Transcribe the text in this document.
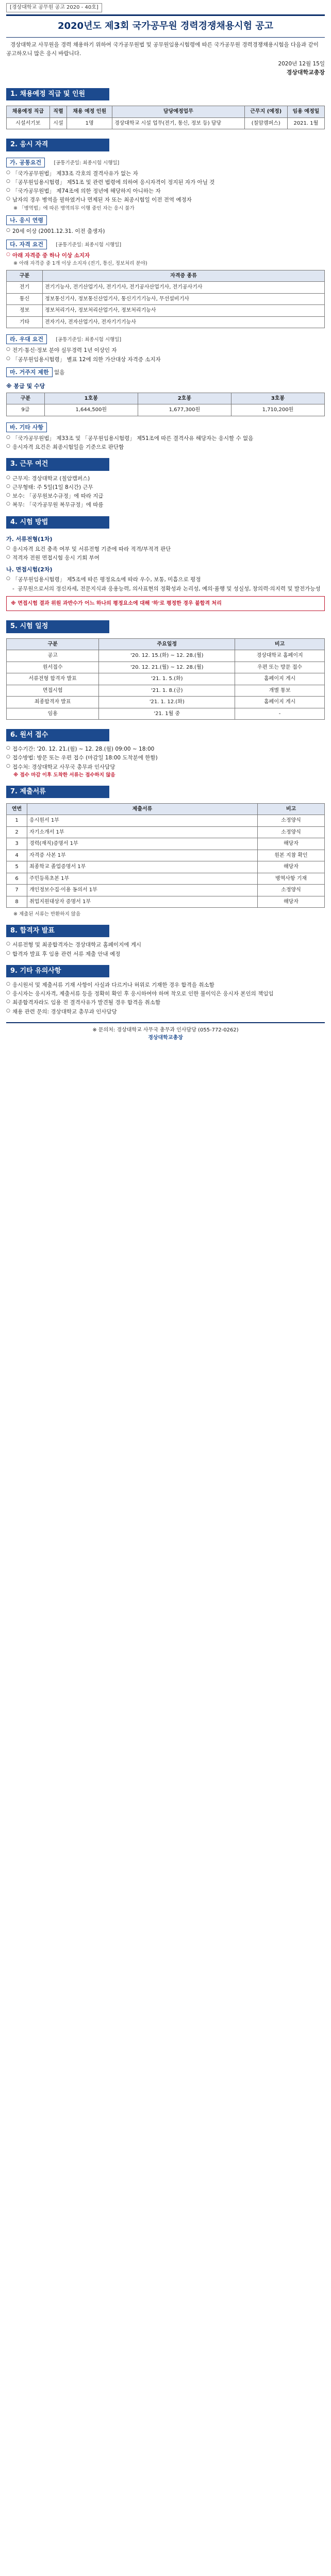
[경상대학교 공무원 공고 2020 - 40호]
2020년도 제3회 국가공무원 경력경쟁채용시험 공고
경상대학교 사무원을 경력 채용하기 위하여 국가공무원법 및 공무원임용시험령에 따른 국가공무원 경력경쟁채용시험을 다음과 같이 공고하오니 많은 응시 바랍니다.
2020년 12월 15일
경상대학교총장
1. 채용예정 직급 및 인원
채용예정 직급	직렬	채용 예정 인원	담당예정업무	근무지 (예정)	임용 예정일
시설서기보	시설	1명	경상대학교 시설 업무(전기, 통신, 정보 등) 담당	(칠암캠퍼스)	2021. 1월
2. 응시 자격
가. 공통요건	[공통기준일: 최종시험 시행일]
○ 「국가공무원법」 제33조 각호의 결격사유가 없는 자
○ 「공무원임용시험령」 제51조 및 관련 법령에 의하여 응시자격이 정지된 자가 아닐 것
○ 「국가공무원법」 제74조에 의한 정년에 해당하지 아니하는 자
○ 남자의 경우 병역을 필하였거나 면제된 자 또는 최종시험일 이전 전역 예정자
※ 「병역법」에 따른 병역의무 이행 중인 자는 응시 불가
나. 응시 연령
○ 20세 이상 (2001.12.31. 이전 출생자)
다. 자격 요건	[공통기준일: 최종시험 시행일]
○ 아래 자격증 중 하나 이상 소지자
※ 아래 자격증 중 1개 이상 소지자 (전기, 통신, 정보처리 분야)
구분	자격증 종류
전기	전기기능사, 전기산업기사, 전기기사, 전기공사산업기사, 전기공사기사
통신	정보통신기사, 정보통신산업기사, 통신기기기능사, 무선설비기사
정보	정보처리기사, 정보처리산업기사, 정보처리기능사
기타	전자기사, 전자산업기사, 전자기기기능사
라. 우대 요건	[공통기준일: 최종시험 시행일]
○ 전기·통신·정보 분야 실무경력 1년 이상인 자
○ 「공무원임용시험령」 별표 12에 의한 가산대상 자격증 소지자
마. 거주지 제한 없음
※ 봉급 및 수당
구분	1호봉	2호봉	3호봉
9급	1,644,500원	1,677,300원	1,710,200원
바. 기타 사항
○ 「국가공무원법」 제33조 및 「공무원임용시험령」 제51조에 따른 결격사유 해당자는 응시할 수 없음
○ 응시자격 요건은 최종시험일을 기준으로 판단함
3. 근무 여건
○ 근무지: 경상대학교 (칠암캠퍼스)
○ 근무형태: 주 5일(1일 8시간) 근무
○ 보수: 「공무원보수규정」에 따라 지급
○ 복무: 「국가공무원 복무규정」에 따름
4. 시험 방법
가. 서류전형(1차)
○ 응시자격 요건 충족 여부 및 서류전형 기준에 따라 적격/부적격 판단
○ 적격자 전원 면접시험 응시 기회 부여
나. 면접시험(2차)
○ 「공무원임용시험령」 제5조에 따른 평정요소에 따라 우수, 보통, 미흡으로 평정
- 공무원으로서의 정신자세, 전문지식과 응용능력, 의사표현의 정확성과 논리성, 예의·품행 및 성실성, 창의력·의지력 및 발전가능성
※ 면접시험 결과 위원 과반수가 어느 하나의 평정요소에 대해 '하'로 평정한 경우 불합격 처리
5. 시험 일정
구분	주요일정	비고
공고	'20. 12. 15.(화) ~ 12. 28.(월)	경상대학교 홈페이지
원서접수	'20. 12. 21.(월) ~ 12. 28.(월)	우편 또는 방문 접수
서류전형 합격자 발표	'21. 1. 5.(화)	홈페이지 게시
면접시험	'21. 1. 8.(금)	개별 통보
최종합격자 발표	'21. 1. 12.(화)	홈페이지 게시
임용	'21. 1월 중	-
6. 원서 접수
○ 접수기간: '20. 12. 21.(월) ~ 12. 28.(월) 09:00 ~ 18:00
○ 접수방법: 방문 또는 우편 접수 (마감일 18:00 도착분에 한함)
○ 접수처: 경상대학교 사무국 총무과 인사담당
※ 접수 마감 이후 도착한 서류는 접수하지 않음
7. 제출서류
연번	제출서류	비고
1	응시원서 1부	소정양식
2	자기소개서 1부	소정양식
3	경력(재직)증명서 1부	해당자
4	자격증 사본 1부	원본 지참 확인
5	최종학교 졸업증명서 1부	해당자
6	주민등록초본 1부	병역사항 기재
7	개인정보수집·이용 동의서 1부	소정양식
8	취업지원대상자 증명서 1부	해당자
※ 제출된 서류는 반환하지 않음
8. 합격자 발표
○ 서류전형 및 최종합격자는 경상대학교 홈페이지에 게시
○ 합격자 발표 후 임용 관련 서류 제출 안내 예정
9. 기타 유의사항
○ 응시원서 및 제출서류 기재 사항이 사실과 다르거나 허위로 기재한 경우 합격을 취소함
○ 응시자는 응시자격, 제출서류 등을 정확히 확인 후 응시하여야 하며 착오로 인한 불이익은 응시자 본인의 책임임
○ 최종합격자라도 임용 전 결격사유가 발견될 경우 합격을 취소함
○ 채용 관련 문의: 경상대학교 총무과 인사담당
※ 문의처: 경상대학교 사무국 총무과 인사담당 (055-772-0262)
경상대학교총장
